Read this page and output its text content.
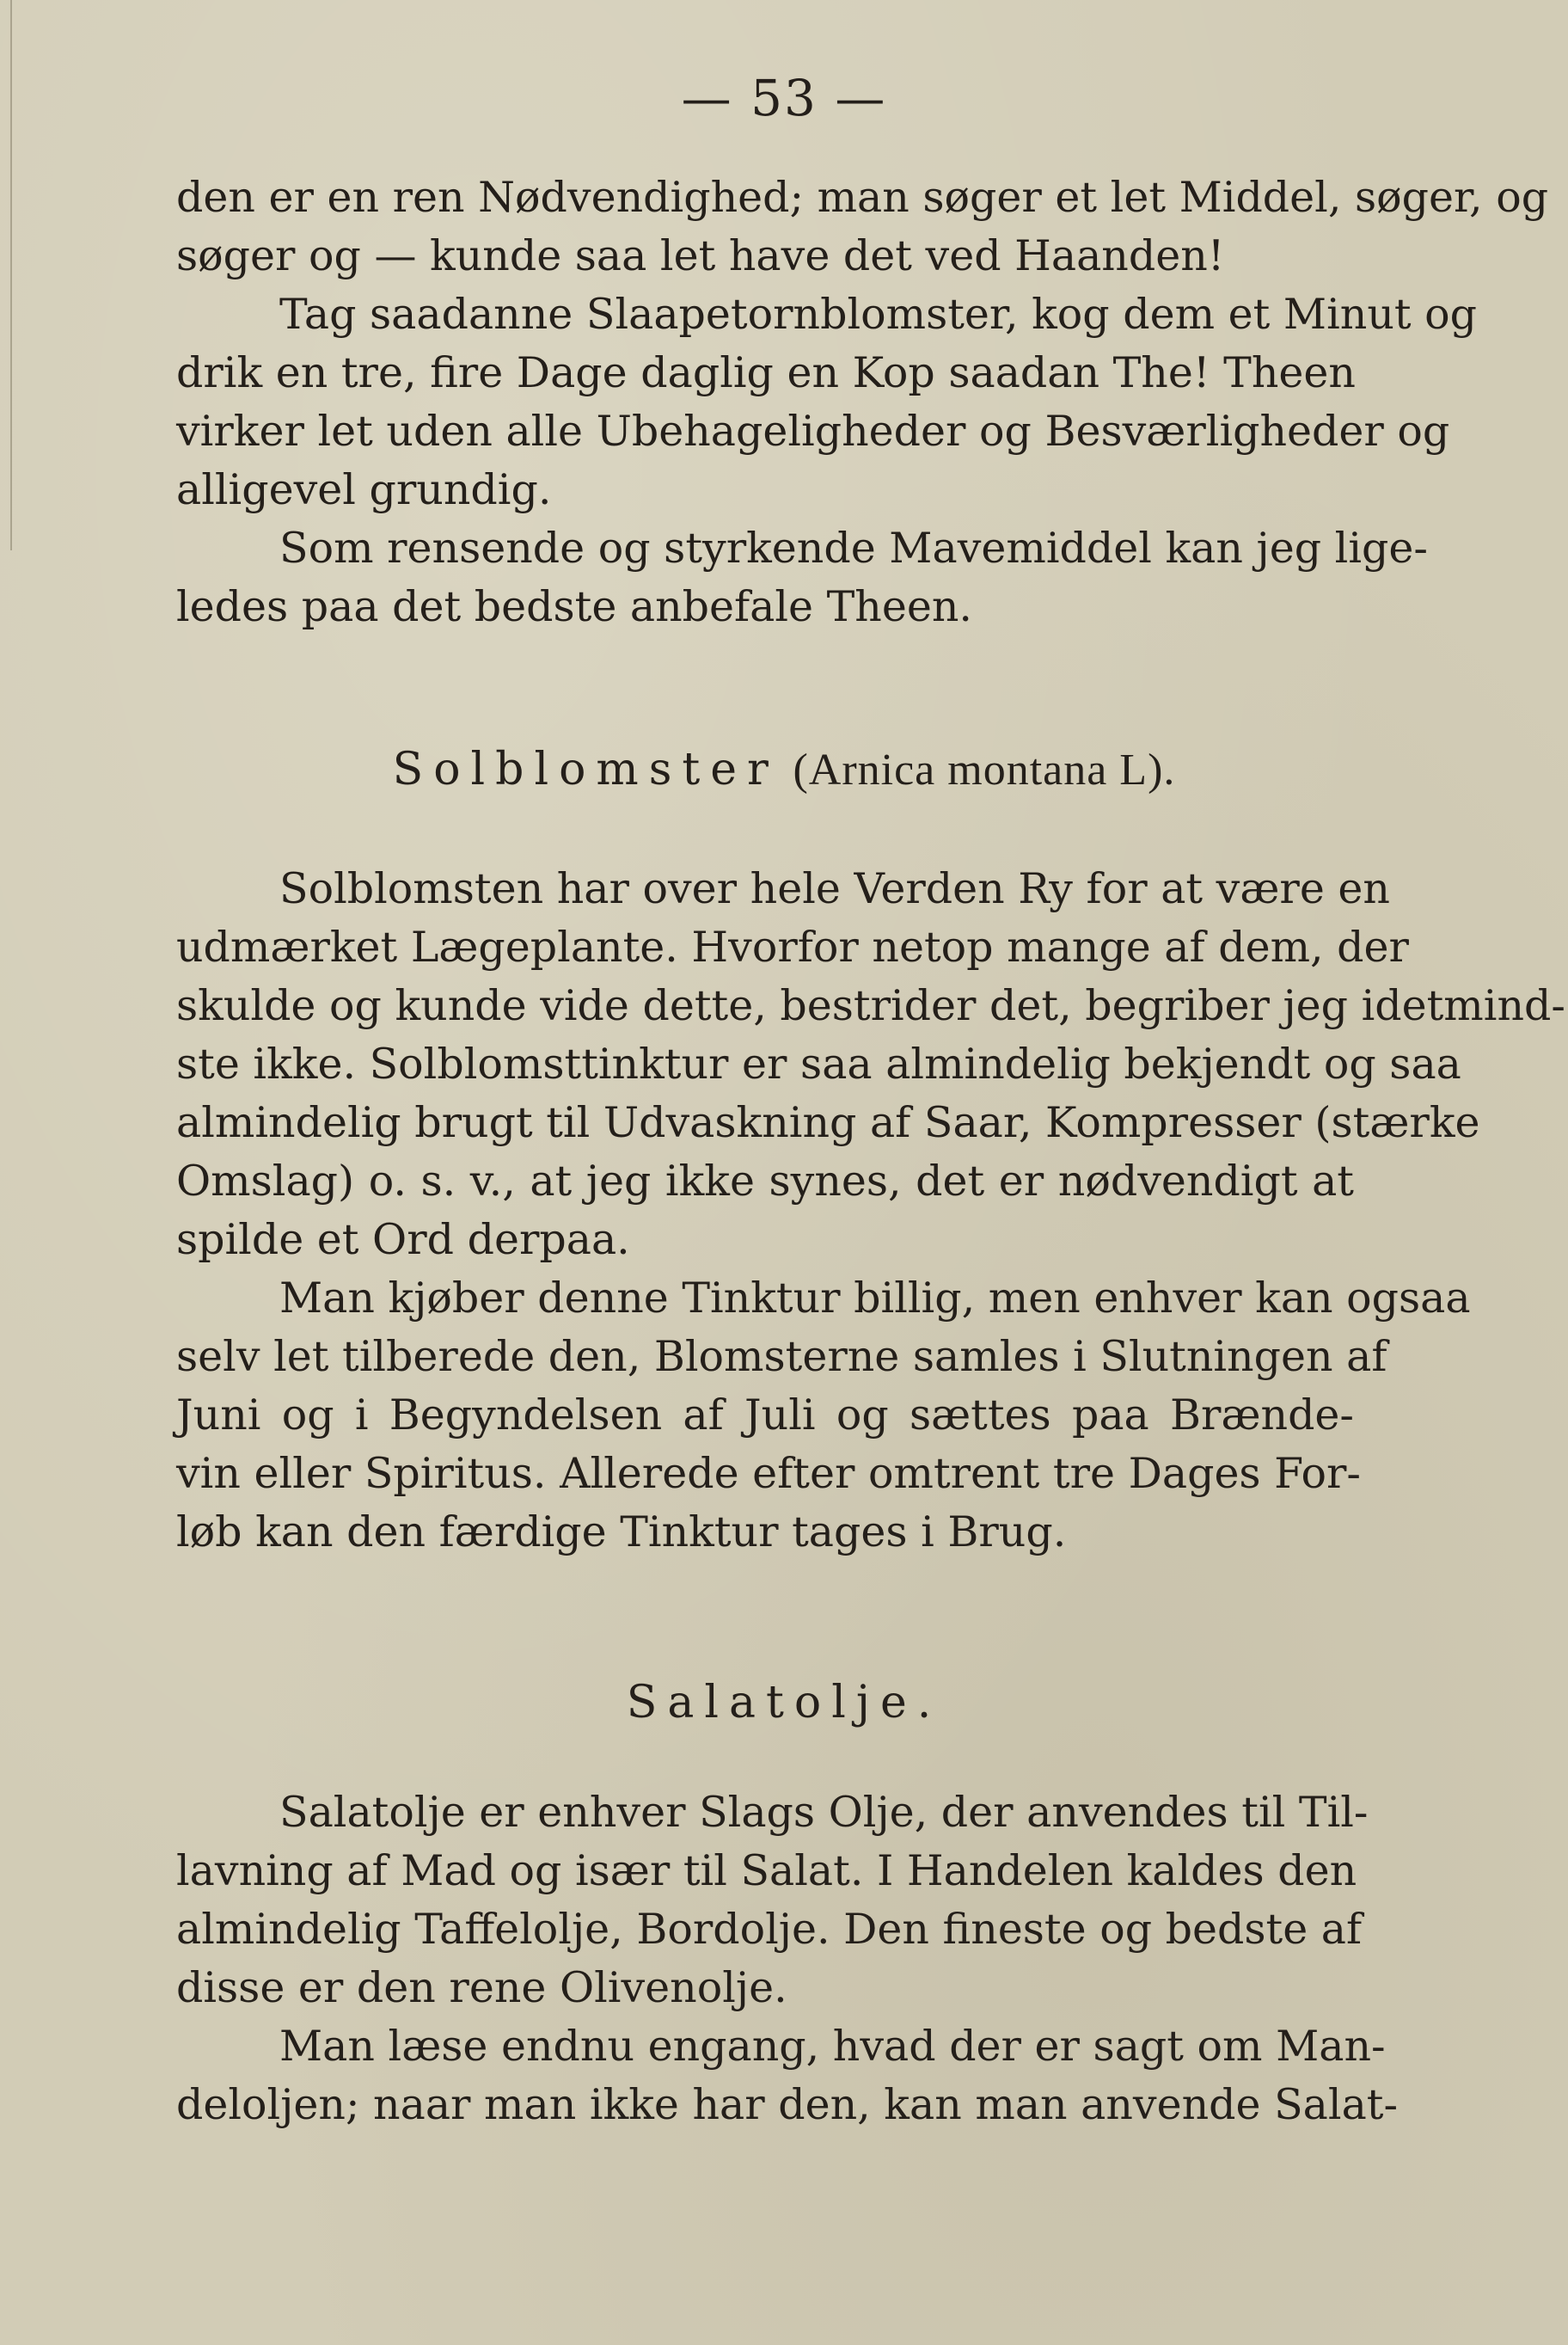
— 53 —
den er en ren Nødvendighed; man søger et let Middel, søger, og
søger og — kunde saa let have det ved Haanden!
Tag saadanne Slaapetornblomster, kog dem et Minut og
drik en tre, fire Dage daglig en Kop saadan The! Theen
virker let uden alle Ubehageligheder og Besværligheder og
alligevel grundig.
Som rensende og styrkende Mavemiddel kan jeg lige-
ledes paa det bedste anbefale Theen.
Solblomster (Arnica montana L).
Solblomsten har over hele Verden Ry for at være en
udmærket Lægeplante. Hvorfor netop mange af dem, der
skulde og kunde vide dette, bestrider det, begriber jeg idetmind-
ste ikke. Solblomsttinktur er saa almindelig bekjendt og saa
almindelig brugt til Udvaskning af Saar, Kompresser (stærke
Omslag) o. s. v., at jeg ikke synes, det er nødvendigt at
spilde et Ord derpaa.
Man kjøber denne Tinktur billig, men enhver kan ogsaa
selv let tilberede den, Blomsterne samles i Slutningen af
Juni og i Begyndelsen af Juli og sættes paa Brænde-
vin eller Spiritus. Allerede efter omtrent tre Dages For-
løb kan den færdige Tinktur tages i Brug.
Salatolje.
Salatolje er enhver Slags Olje, der anvendes til Til-
lavning af Mad og især til Salat. I Handelen kaldes den
almindelig Taffelolje, Bordolje. Den fineste og bedste af
disse er den rene Olivenolje.
Man læse endnu engang, hvad der er sagt om Man-
deloljen; naar man ikke har den, kan man anvende Salat-
